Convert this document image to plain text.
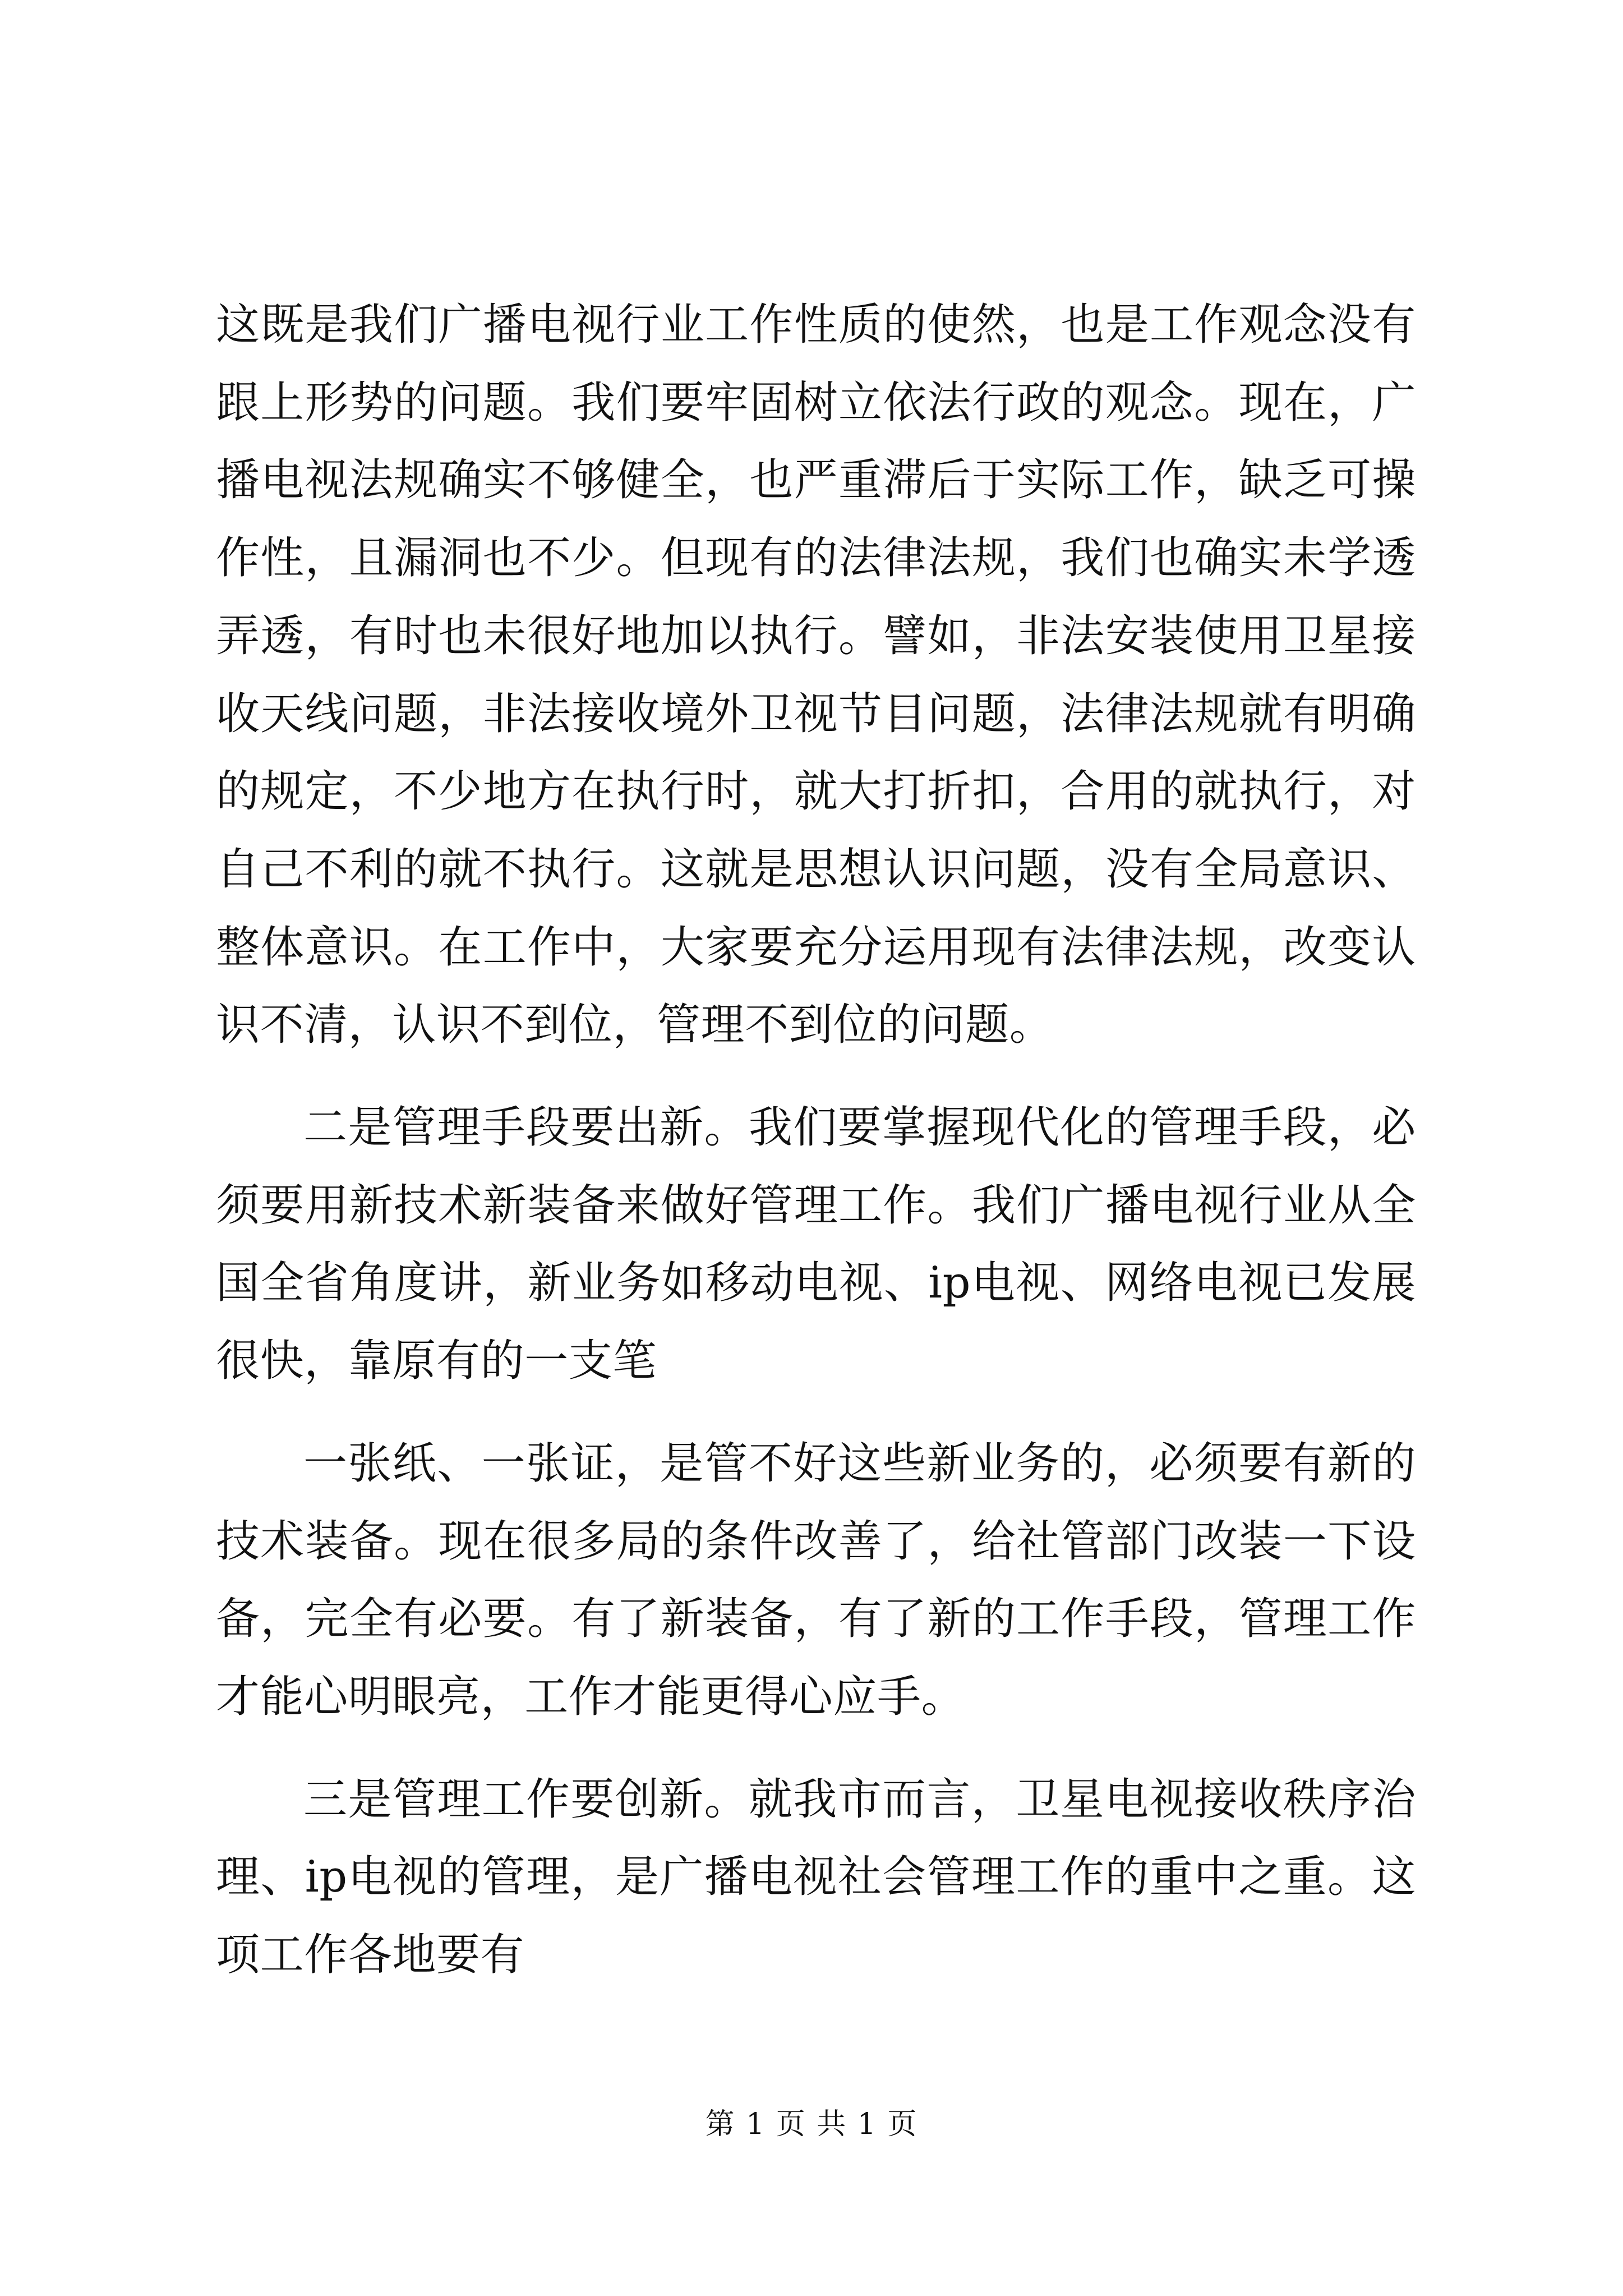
这既是我们广播电视行业工作性质的使然，也是工作观念没有跟上形势的问题。我们要牢固树立依法行政的观念。现在，广播电视法规确实不够健全，也严重滞后于实际工作，缺乏可操作性，且漏洞也不少。但现有的法律法规，我们也确实未学透弄透，有时也未很好地加以执行。譬如，非法安装使用卫星接收天线问题，非法接收境外卫视节目问题，法律法规就有明确的规定，不少地方在执行时，就大打折扣，合用的就执行，对自己不利的就不执行。这就是思想认识问题，没有全局意识、整体意识。在工作中，大家要充分运用现有法律法规，改变认识不清，认识不到位，管理不到位的问题。

二是管理手段要出新。我们要掌握现代化的管理手段，必须要用新技术新装备来做好管理工作。我们广播电视行业从全国全省角度讲，新业务如移动电视、ip电视、网络电视已发展很快，靠原有的一支笔

一张纸、一张证，是管不好这些新业务的，必须要有新的技术装备。现在很多局的条件改善了，给社管部门改装一下设备，完全有必要。有了新装备，有了新的工作手段，管理工作才能心明眼亮，工作才能更得心应手。

三是管理工作要创新。就我市而言，卫星电视接收秩序治理、ip电视的管理，是广播电视社会管理工作的重中之重。这项工作各地要有

第 1 页 共 1 页
